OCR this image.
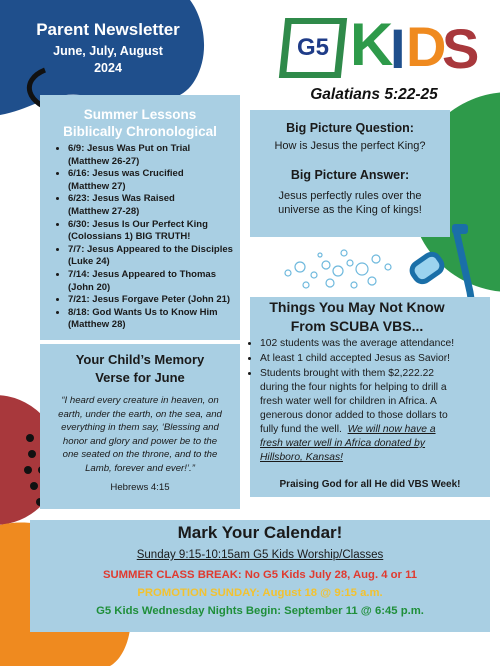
Parent Newsletter
June, July, August
2024
G5 K
I D
S
Galatians 5:22-25
Summer Lessons
Biblically Chronological
• 6/9: Jesus Was Put on Trial
(Matthew 26-27)
• 6/16: Jesus was Crucified
(Matthew 27)
• 6/23: Jesus Was Raised
(Matthew 27-28)
• 6/30: Jesus Is Our Perfect King
(Colossians 1) BIG TRUTH!
• 7/7: Jesus Appeared to the Disciples
(Luke 24)
• 7/14: Jesus Appeared to Thomas
(John 20)
• 7/21: Jesus Forgave Peter (John 21)
• 8/18: God Wants Us to Know Him
(Matthew 28)
Big Picture Question:
How is Jesus the perfect King?
Big Picture Answer:
Jesus perfectly rules over the
universe as the King of kings!
Things You May Not Know
From SCUBA VBS...
• 102 students was the average attendance!
• At least 1 child accepted Jesus as Savior!
• Students brought with them $2,222.22
during the four nights for helping to drill a
fresh water well for children in Africa. A
generous donor added to those dollars to
fully fund the well. We will now have a
fresh water well in Africa donated by
Hillsboro, Kansas!
Praising God for all He did VBS Week!
Your Child’s Memory
Verse for June
“I heard every creature in heaven, on
earth, under the earth, on the sea, and
everything in them say, ‘Blessing and
honor and glory and power be to the
one seated on the throne, and to the
Lamb, forever and ever!’.”
Hebrews 4:15
Mark Your Calendar!
Sunday 9:15-10:15am G5 Kids Worship/Classes
SUMMER CLASS BREAK: No G5 Kids July 28, Aug. 4 or 11
PROMOTION SUNDAY: August 18 @ 9:15 a.m.
G5 Kids Wednesday Nights Begin: September 11 @ 6:45 p.m.
